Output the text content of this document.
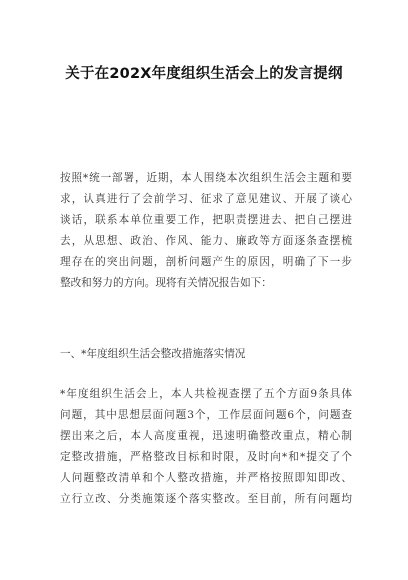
关于在202X年度组织生活会上的发言提纲
按照*统一部署，近期，本人围绕本次组织生活会主题和要
求，认真进行了会前学习、征求了意见建议、开展了谈心
谈话，联系本单位重要工作，把职责摆进去、把自己摆进
去，从思想、政治、作风、能力、廉政等方面逐条查摆梳
理存在的突出问题，剖析问题产生的原因，明确了下一步
整改和努力的方向。现将有关情况报告如下：
一、*年度组织生活会整改措施落实情况
*年度组织生活会上，本人共检视查摆了五个方面9条具体
问题，其中思想层面问题3个，工作层面问题6个，问题查
摆出来之后，本人高度重视，迅速明确整改重点，精心制
定整改措施，严格整改目标和时限，及时向*和*提交了个
人问题整改清单和个人整改措施，并严格按照即知即改、
立行立改、分类施策逐个落实整改。至目前，所有问题均
